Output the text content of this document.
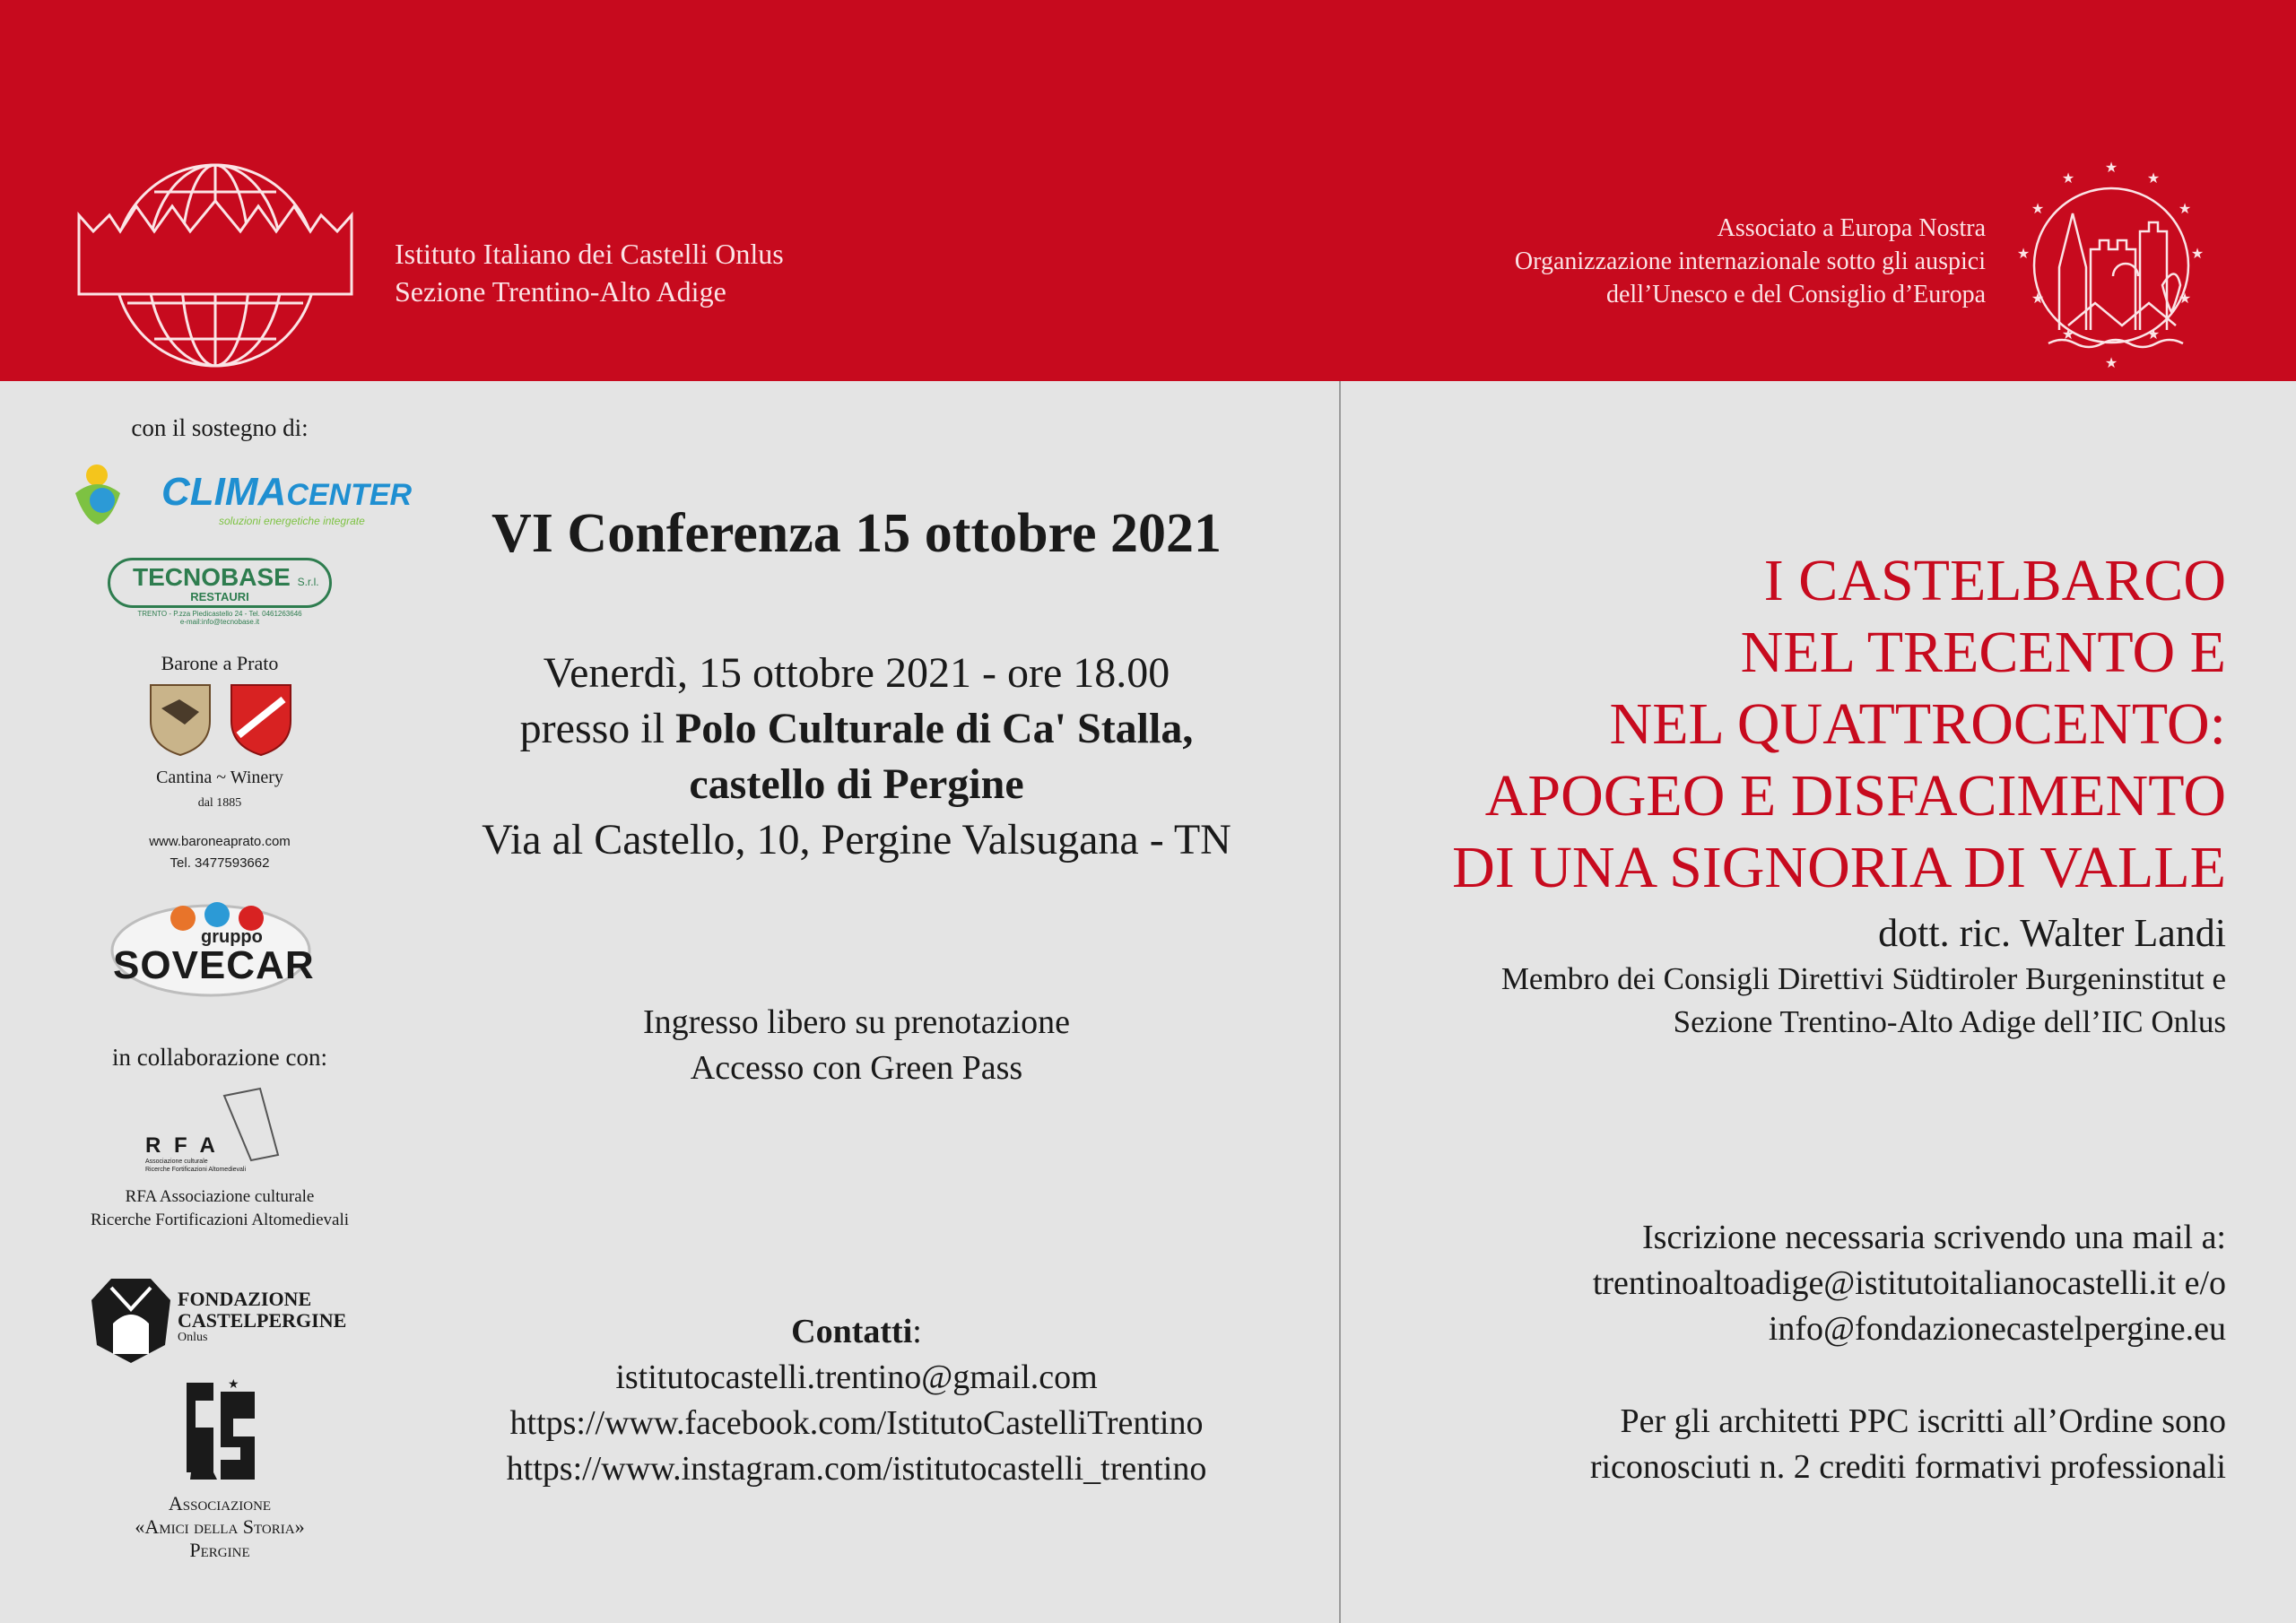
Istituto Italiano dei Castelli Onlus
Sezione Trentino-Alto Adige
Associato a Europa Nostra
Organizzazione internazionale sotto gli auspici
dell’Unesco e del Consiglio d’Europa
★
★
★
★
★
★
★
★
★
★
★
★
con il sostegno di:
CLIMACENTER
soluzioni energetiche integrate
TECNOBASE S.r.l.
RESTAURI
TRENTO - P.zza Piedicastello 24 - Tel. 0461263646
e-mail:info@tecnobase.it
Barone a Prato
Cantina ~ Winery
dal 1885
www.baroneaprato.com
Tel. 3477593662
gruppo
SOVECAR
in collaborazione con:
R F A
Associazione culturale
Ricerche Fortificazioni Altomedievali
RFA Associazione culturale
Ricerche Fortificazioni Altomedievali
FONDAZIONE
CASTELPERGINE
Onlus
★
Associazione
«Amici della Storia»
Pergine
VI Conferenza 15 ottobre 2021
Venerdì, 15 ottobre 2021 - ore 18.00
presso il Polo Culturale di Ca' Stalla,
castello di Pergine
Via al Castello, 10, Pergine Valsugana - TN
Ingresso libero su prenotazione
Accesso con Green Pass
Contatti:
istitutocastelli.trentino@gmail.com
https://www.facebook.com/IstitutoCastelliTrentino
https://www.instagram.com/istitutocastelli_trentino
I CASTELBARCO
NEL TRECENTO E
NEL QUATTROCENTO:
APOGEO E DISFACIMENTO
DI UNA SIGNORIA DI VALLE
dott. ric. Walter Landi
Membro dei Consigli Direttivi Südtiroler Burgeninstitut e
Sezione Trentino-Alto Adige dell’IIC Onlus
Iscrizione necessaria scrivendo una mail a:
trentinoaltoadige@istitutoitalianocastelli.it e/o
info@fondazionecastelpergine.eu
Per gli architetti PPC iscritti all’Ordine sono
riconosciuti n. 2 crediti formativi professionali
